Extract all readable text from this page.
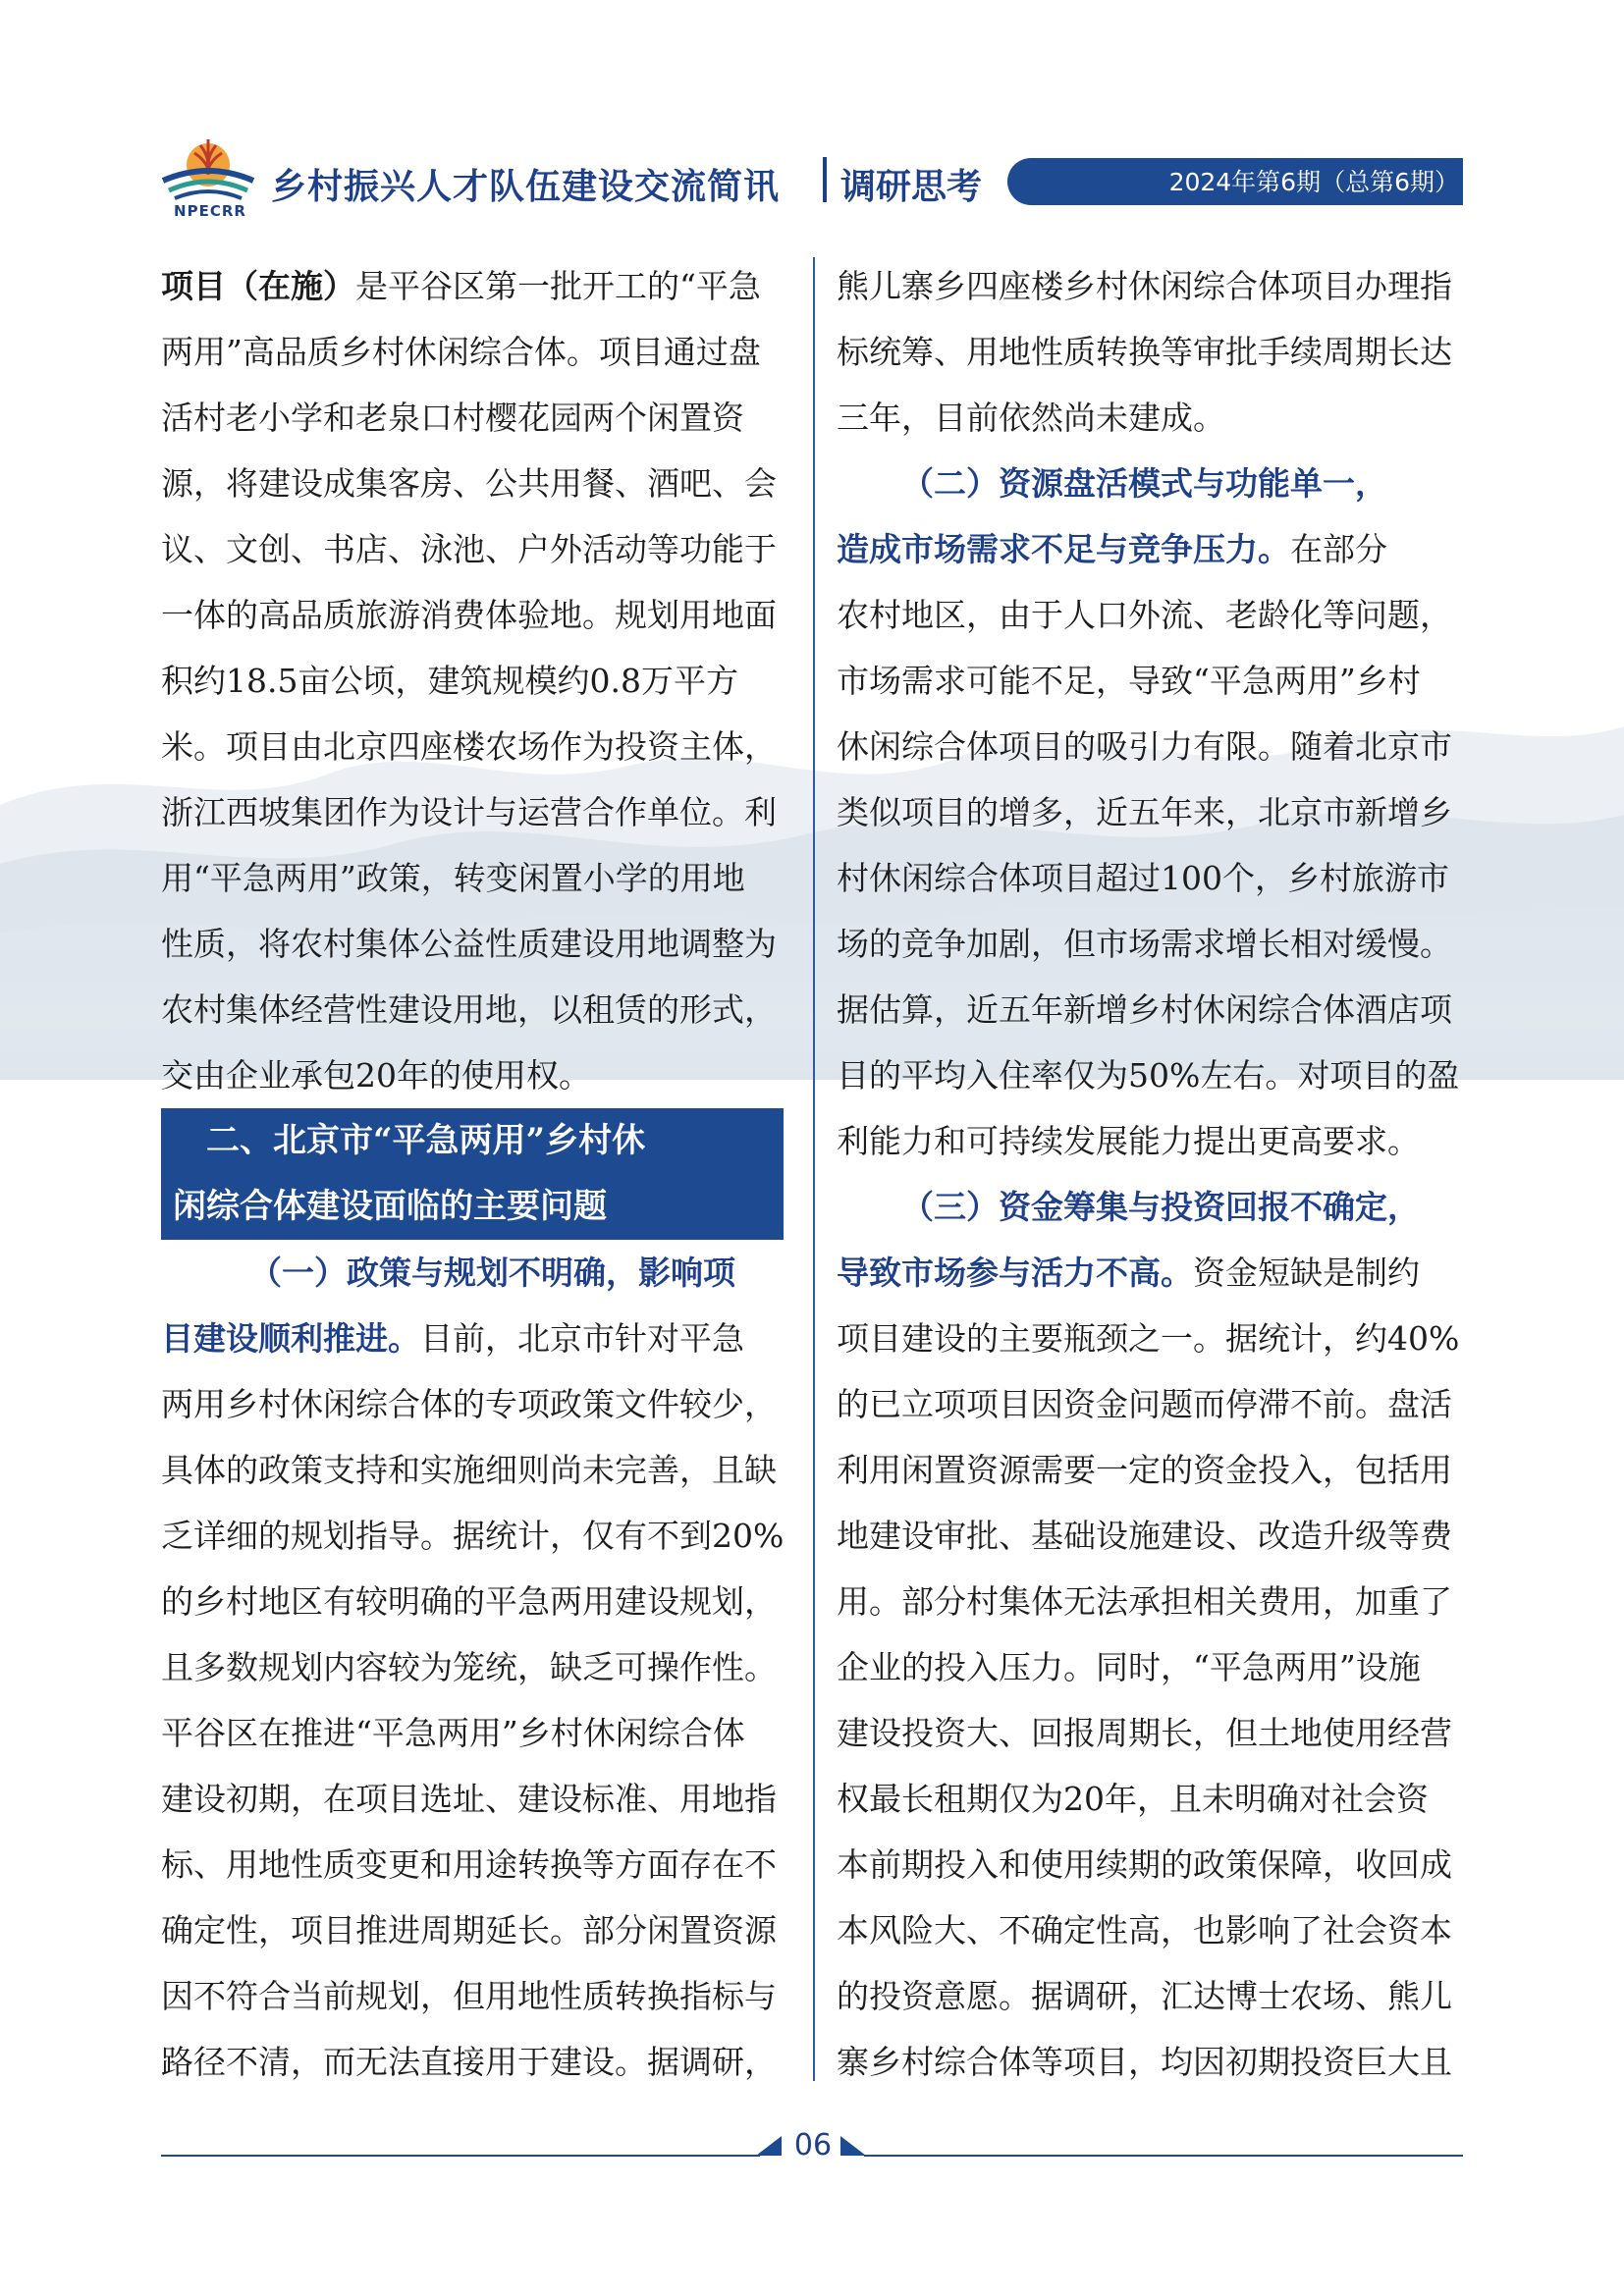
NPECRR
乡村振兴人才队伍建设交流简讯 调研思考	2024年第6期（总第6期）
项目（在施）是平谷区第一批开工的“平急
两用”高品质乡村休闲综合体。项目通过盘
活村老小学和老泉口村樱花园两个闲置资
源，将建设成集客房、公共用餐、酒吧、会
议、文创、书店、泳池、户外活动等功能于
一体的高品质旅游消费体验地。规划用地面
积约18.5亩公顷，建筑规模约0.8万平方
米。项目由北京四座楼农场作为投资主体，
浙江西坡集团作为设计与运营合作单位。利
用“平急两用”政策，转变闲置小学的用地
性质，将农村集体公益性质建设用地调整为
农村集体经营性建设用地，以租赁的形式，
交由企业承包20年的使用权。
二、北京市“平急两用”乡村休
闲综合体建设面临的主要问题
（一）政策与规划不明确，影响项
目建设顺利推进。目前，北京市针对平急
两用乡村休闲综合体的专项政策文件较少，
具体的政策支持和实施细则尚未完善，且缺
乏详细的规划指导。据统计，仅有不到20%
的乡村地区有较明确的平急两用建设规划，
且多数规划内容较为笼统，缺乏可操作性。
平谷区在推进“平急两用”乡村休闲综合体
建设初期，在项目选址、建设标准、用地指
标、用地性质变更和用途转换等方面存在不
确定性，项目推进周期延长。部分闲置资源
因不符合当前规划，但用地性质转换指标与
路径不清，而无法直接用于建设。据调研，
熊儿寨乡四座楼乡村休闲综合体项目办理指
标统筹、用地性质转换等审批手续周期长达
三年，目前依然尚未建成。
（二）资源盘活模式与功能单一，
造成市场需求不足与竞争压力。在部分
农村地区，由于人口外流、老龄化等问题，
市场需求可能不足，导致“平急两用”乡村
休闲综合体项目的吸引力有限。随着北京市
类似项目的增多，近五年来，北京市新增乡
村休闲综合体项目超过100个，乡村旅游市
场的竞争加剧，但市场需求增长相对缓慢。
据估算，近五年新增乡村休闲综合体酒店项
目的平均入住率仅为50%左右。对项目的盈
利能力和可持续发展能力提出更高要求。
（三）资金筹集与投资回报不确定，
导致市场参与活力不高。资金短缺是制约
项目建设的主要瓶颈之一。据统计，约40%
的已立项项目因资金问题而停滞不前。盘活
利用闲置资源需要一定的资金投入，包括用
地建设审批、基础设施建设、改造升级等费
用。部分村集体无法承担相关费用，加重了
企业的投入压力。同时，“平急两用”设施
建设投资大、回报周期长，但土地使用经营
权最长租期仅为20年，且未明确对社会资
本前期投入和使用续期的政策保障，收回成
本风险大、不确定性高，也影响了社会资本
的投资意愿。据调研，汇达博士农场、熊儿
寨乡村综合体等项目，均因初期投资巨大且
06
